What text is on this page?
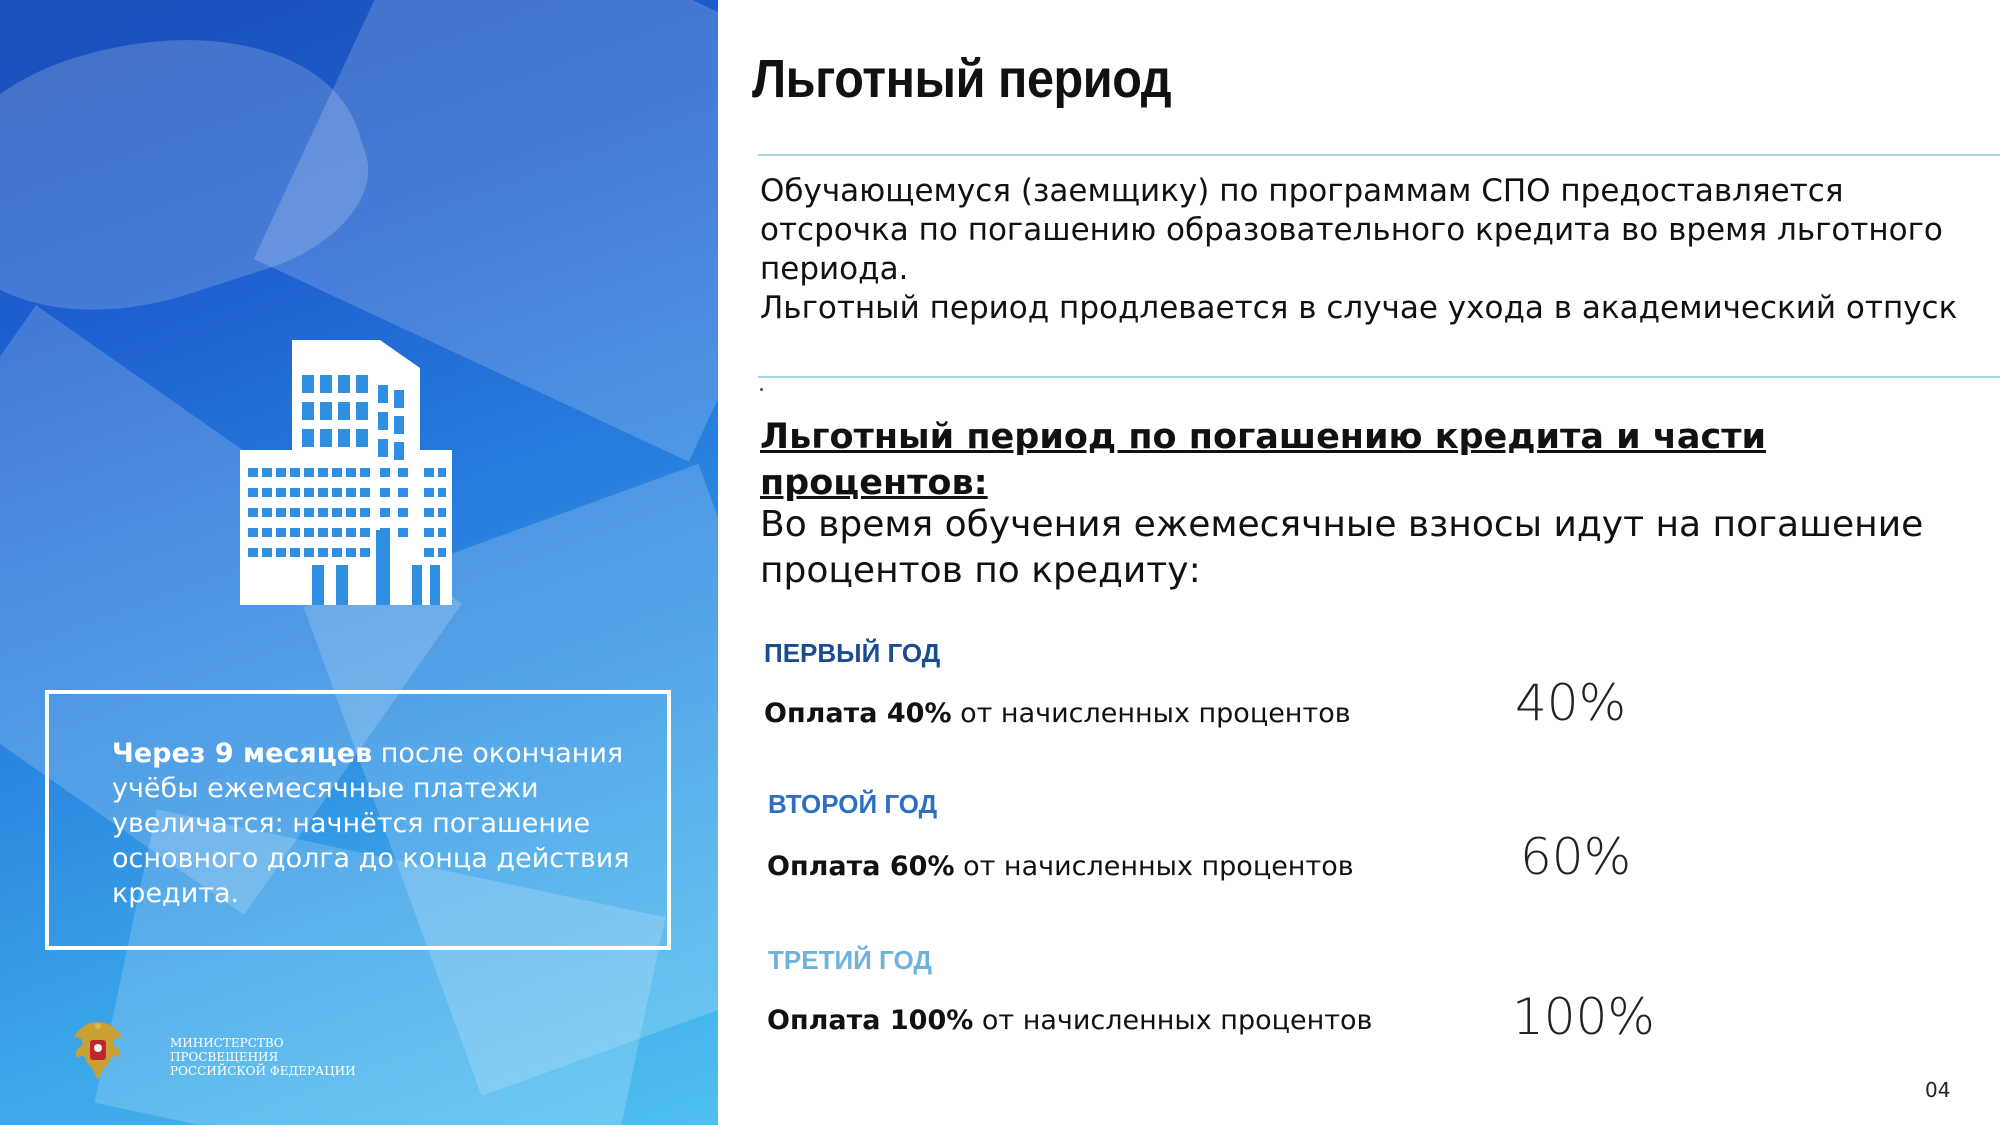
Через 9 месяцев после окончания учёбы ежемесячные платежи увеличатся: начнётся погашение основного долга до конца действия кредита.
МИНИСТЕРСТВО ПРОСВЕЩЕНИЯ
РОССИЙСКОЙ ФЕДЕРАЦИИ
Льготный период

Обучающемуся (заемщику) по программам СПО предоставляется отсрочка по погашению образовательного кредита во время льготного периода.

Льготный период продлевается в случае ухода в академический отпуск

Льготный период по погашению кредита и части процентов:
Во время обучения ежемесячные взносы идут на погашение процентов по кредиту:
ПЕРВЫЙ ГОД
Оплата 40% от начисленных процентов	40%
ВТОРОЙ ГОД
Оплата 60% от начисленных процентов	60%
ТРЕТИЙ ГОД
Оплата 100% от начисленных процентов	100%
04
